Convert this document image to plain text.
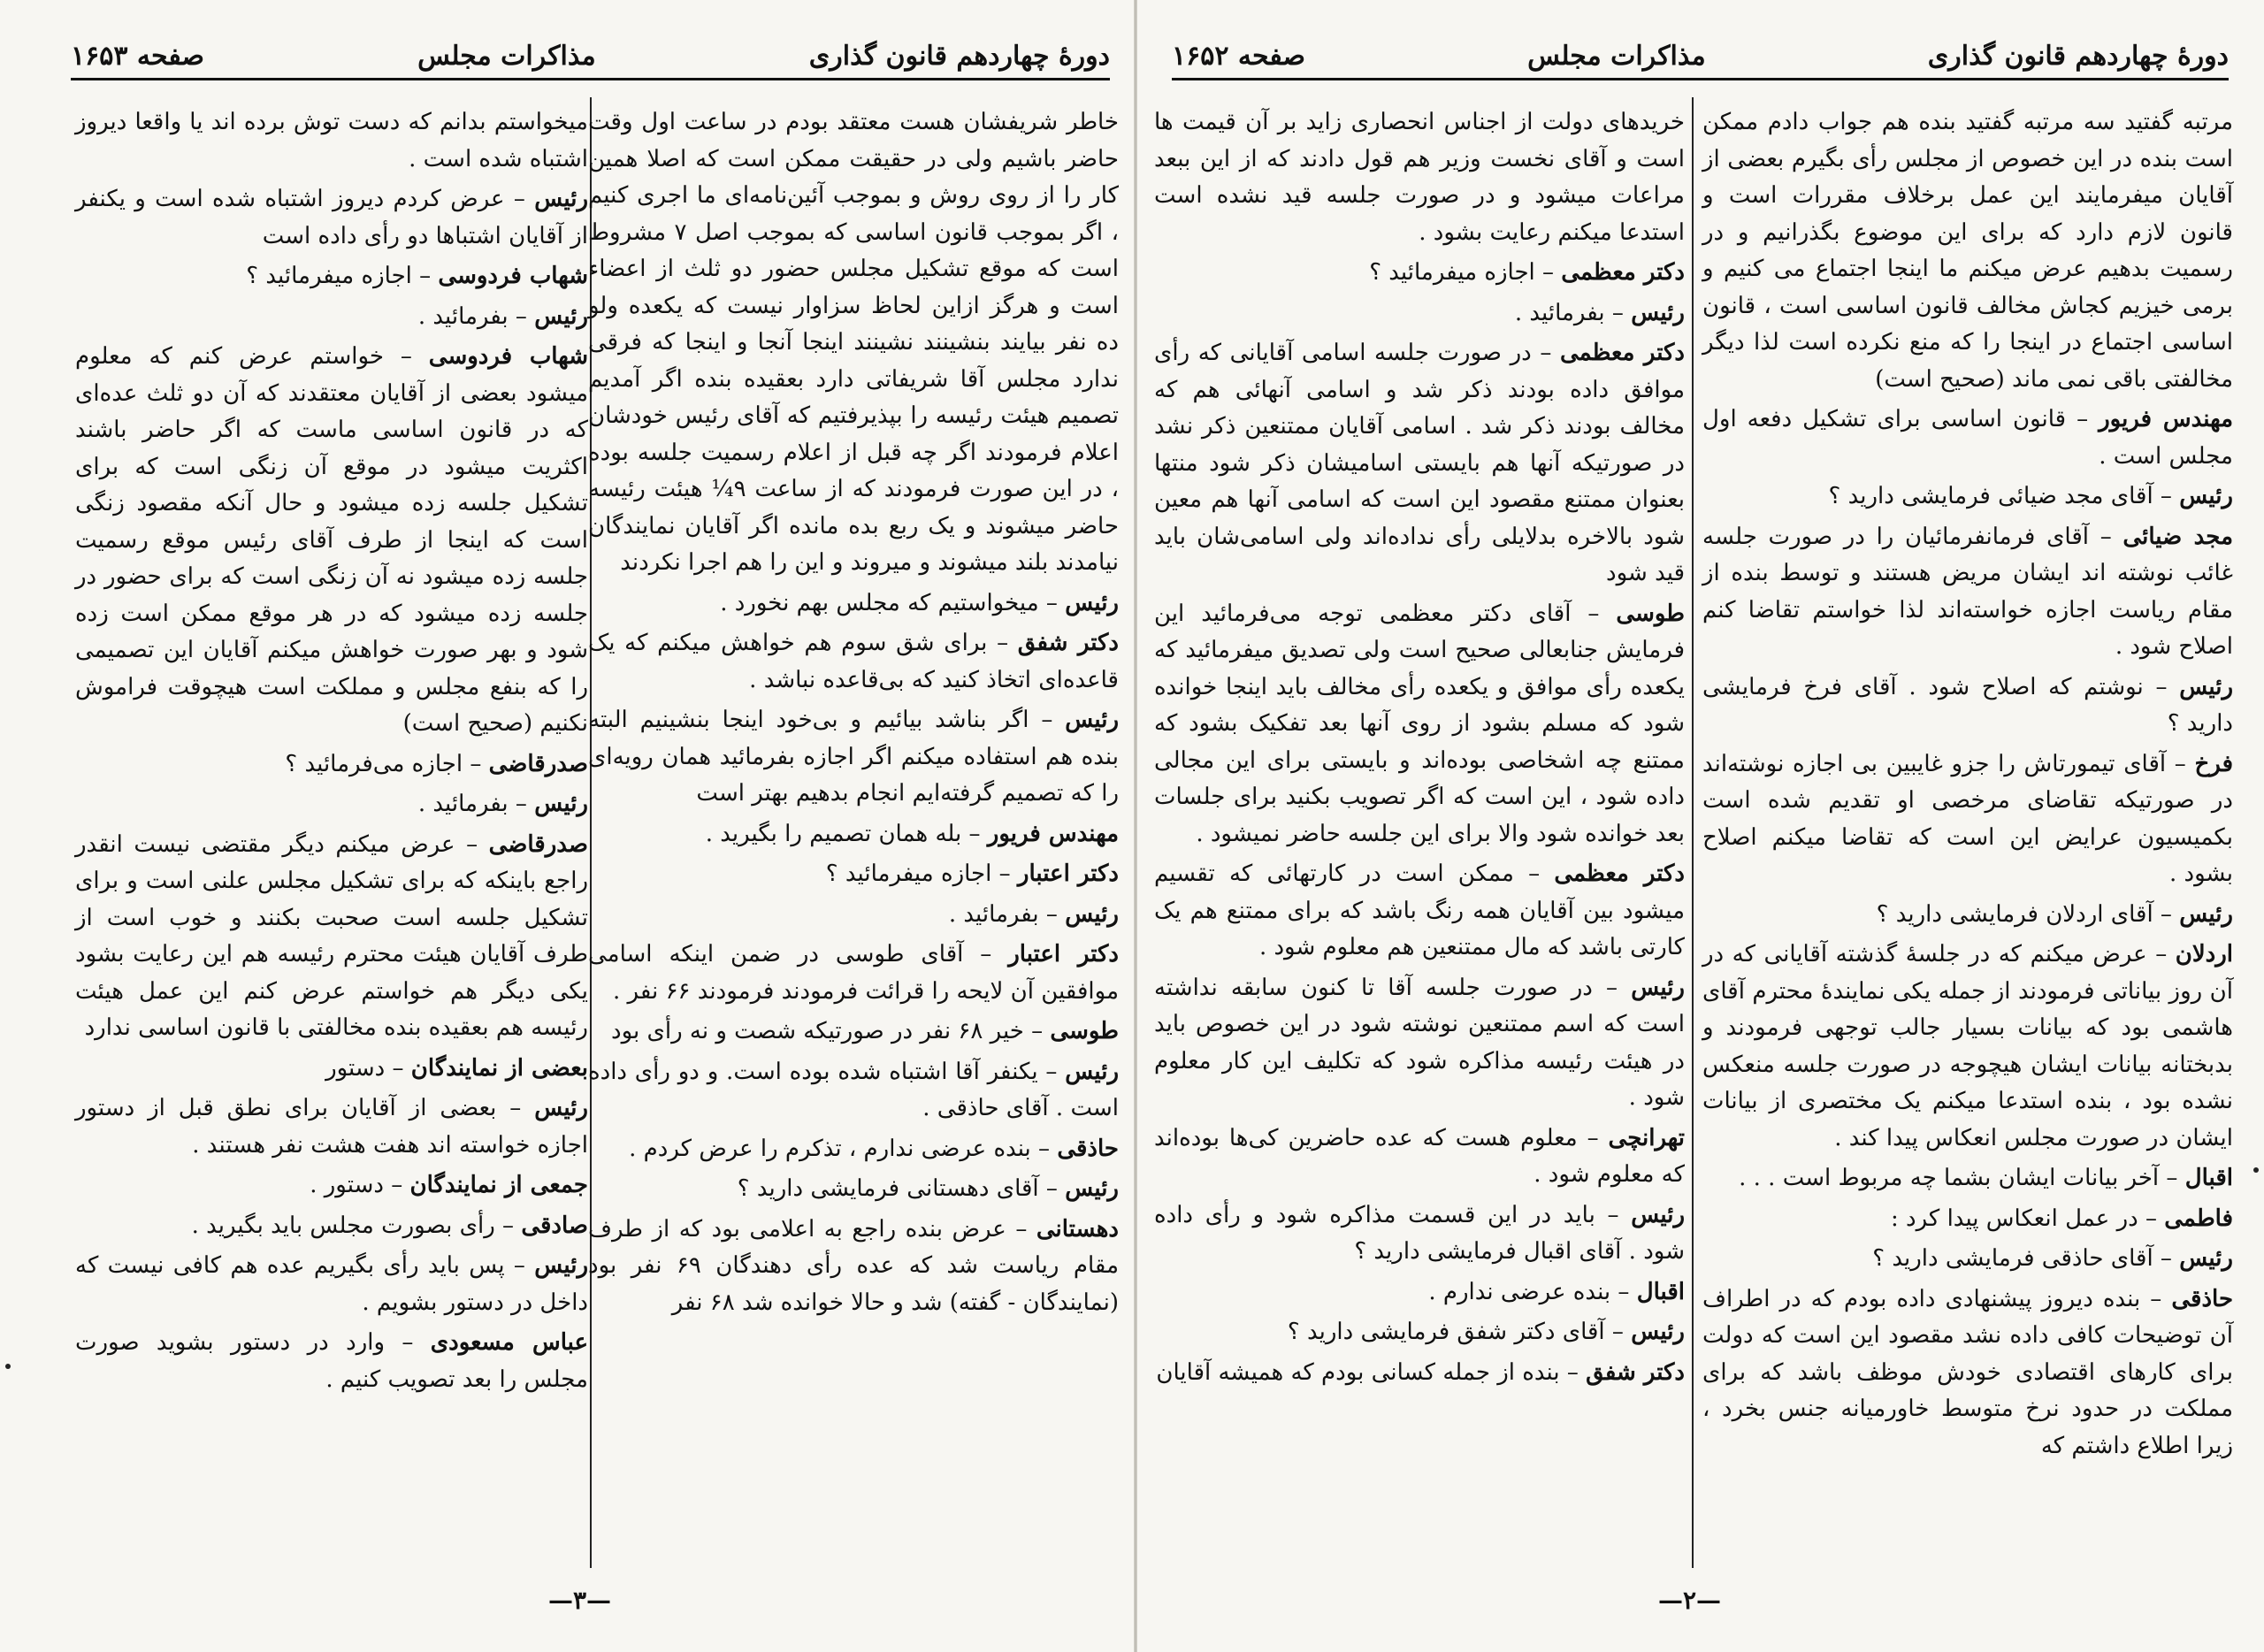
دورهٔ چهاردهم قانون گذاری
مذاکرات مجلس
صفحه ۱۶۵۳

خاطر شریفشان هست معتقد بودم در ساعت اول وقت حاضر باشیم ولی در حقیقت ممکن است که اصلا همین کار را از روی روش و بموجب آئین‌نامه‌ای ما اجری کنیم ، اگر بموجب قانون اساسی که بموجب اصل ۷ مشروط است که موقع تشکیل مجلس حضور دو ثلث از اعضاء است و هرگز ازاین لحاظ سزاوار نیست که یکعده ولو ده نفر بیایند بنشینند نشینند اینجا آنجا و اینجا که فرقی ندارد مجلس آقا شریفاتی دارد بعقیده بنده اگر آمدیم تصمیم هیئت رئیسه را بپذیرفتیم که آقای رئیس خودشان اعلام فرمودند اگر چه قبل از اعلام رسمیت جلسه بوده ، در این صورت فرمودند که از ساعت ۹¼ هیئت رئیسه حاضر میشوند و یک ربع بده مانده اگر آقایان نمایندگان نیامدند بلند میشوند و میروند و این را هم اجرا نکردند

رئیس – میخواستیم که مجلس بهم نخورد .

دکتر شفق – برای شق سوم هم خواهش میکنم که یک قاعده‌ای اتخاذ کنید که بی‌قاعده نباشد .

رئیس – اگر بناشد بیائیم و بی‌خود اینجا بنشینیم البته بنده هم استفاده میکنم اگر اجازه بفرمائید همان رویه‌ای را که تصمیم گرفته‌ایم انجام بدهیم بهتر است

مهندس فریور – بله همان تصمیم را بگیرید .

دکتر اعتبار – اجازه میفرمائید ؟

رئیس – بفرمائید .

دکتر اعتبار – آقای طوسی در ضمن اینکه اسامی موافقین آن لایحه را قرائت فرمودند فرمودند ۶۶ نفر .

طوسی – خیر ۶۸ نفر در صورتیکه شصت و نه رأی بود

رئیس – یکنفر آقا اشتباه شده بوده است. و دو رأی داده است . آقای حاذقی .

حاذقی – بنده عرضی ندارم ، تذکرم را عرض کردم .

رئیس – آقای دهستانی فرمایشی دارید ؟

دهستانی – عرض بنده راجع به اعلامی بود که از طرف مقام ریاست شد که عده رأی دهندگان ۶۹ نفر بود (نمایندگان - گفته) شد و حالا خوانده شد ۶۸ نفر

میخواستم بدانم که دست توش برده اند یا واقعا دیروز اشتباه شده است .

رئیس – عرض کردم دیروز اشتباه شده است و یکنفر از آقایان اشتباها دو رأی داده است

شهاب فردوسی – اجازه میفرمائید ؟

رئیس – بفرمائید .

شهاب فردوسی – خواستم عرض کنم که معلوم میشود بعضی از آقایان معتقدند که آن دو ثلث عده‌ای که در قانون اساسی ماست که اگر حاضر باشند اکثریت میشود در موقع آن زنگی است که برای تشکیل جلسه زده میشود و حال آنکه مقصود زنگی است که اینجا از طرف آقای رئیس موقع رسمیت جلسه زده میشود نه آن زنگی است که برای حضور در جلسه زده میشود که در هر موقع ممکن است زده شود و بهر صورت خواهش میکنم آقایان این تصمیمی را که بنفع مجلس و مملکت است هیچوقت فراموش نکنیم (صحیح است)

صدرقاضی – اجازه می‌فرمائید ؟

رئیس – بفرمائید .

صدرقاضی – عرض میکنم دیگر مقتضی نیست انقدر راجع باینکه که برای تشکیل مجلس علنی است و برای تشکیل جلسه است صحبت بکنند و خوب است از طرف آقایان هیئت محترم رئیسه هم این رعایت بشود یکی دیگر هم خواستم عرض کنم این عمل هیئت رئیسه هم بعقیده بنده مخالفتی با قانون اساسی ندارد

بعضی از نمایندگان – دستور

رئیس – بعضی از آقایان برای نطق قبل از دستور اجازه خواسته اند هفت هشت نفر هستند .

جمعی از نمایندگان – دستور .

صادقی – رأی بصورت مجلس باید بگیرید .

رئیس – پس باید رأی بگیریم عده هم کافی نیست که داخل در دستور بشویم .

عباس مسعودی – وارد در دستور بشوید صورت مجلس را بعد تصویب کنیم .

—۳—
دورهٔ چهاردهم قانون گذاری
مذاکرات مجلس
صفحه ۱۶۵۲

مرتبه گفتید سه مرتبه گفتید بنده هم جواب دادم ممکن است بنده در این خصوص از مجلس رأی بگیرم بعضی از آقایان میفرمایند این عمل برخلاف مقررات است و قانون لازم دارد که برای این موضوع بگذرانیم و در رسمیت بدهیم عرض میکنم ما اینجا اجتماع می کنیم و برمی خیزیم کجاش مخالف قانون اساسی است ، قانون اساسی اجتماع در اینجا را که منع نکرده است لذا دیگر مخالفتی باقی نمی ماند (صحیح است)

مهندس فریور – قانون اساسی برای تشکیل دفعه اول مجلس است .

رئیس – آقای مجد ضیائی فرمایشی دارید ؟

مجد ضیائی – آقای فرمانفرمائیان را در صورت جلسه غائب نوشته اند ایشان مریض هستند و توسط بنده از مقام ریاست اجازه خواسته‌اند لذا خواستم تقاضا کنم اصلاح شود .

رئیس – نوشتم که اصلاح شود . آقای فرخ فرمایشی دارید ؟

فرخ – آقای تیمورتاش را جزو غایبین بی اجازه نوشته‌اند در صورتیکه تقاضای مرخصی او تقدیم شده است بکمیسیون عرایض این است که تقاضا میکنم اصلاح بشود .

رئیس – آقای اردلان فرمایشی دارید ؟

اردلان – عرض میکنم که در جلسهٔ گذشته آقایانی که در آن روز بیاناتی فرمودند از جمله یکی نمایندهٔ محترم آقای هاشمی بود که بیانات بسیار جالب توجهی فرمودند و بدبختانه بیانات ایشان هیچوجه در صورت جلسه منعکس نشده بود ، بنده استدعا میکنم یک مختصری از بیانات ایشان در صورت مجلس انعکاس پیدا کند .

اقبال – آخر بیانات ایشان بشما چه مربوط است . . .

فاطمی – در عمل انعکاس پیدا کرد :

رئیس – آقای حاذقی فرمایشی دارید ؟

حاذقی – بنده دیروز پیشنهادی داده بودم که در اطراف آن توضیحات کافی داده نشد مقصود این است که دولت برای کارهای اقتصادی خودش موظف باشد که برای مملکت در حدود نرخ متوسط خاورمیانه جنس بخرد ، زیرا اطلاع داشتم که

خریدهای دولت از اجناس انحصاری زاید بر آن قیمت ها است و آقای نخست وزیر هم قول دادند که از این ببعد مراعات میشود و در صورت جلسه قید نشده است استدعا میکنم رعایت بشود .

دکتر معظمی – اجازه میفرمائید ؟

رئیس – بفرمائید .

دکتر معظمی – در صورت جلسه اسامی آقایانی که رأی موافق داده بودند ذکر شد و اسامی آنهائی هم که مخالف بودند ذکر شد . اسامی آقایان ممتنعین ذکر نشد در صورتیکه آنها هم بایستی اسامیشان ذکر شود منتها بعنوان ممتنع مقصود این است که اسامی آنها هم معین شود بالاخره بدلایلی رأی نداده‌اند ولی اسامی‌شان باید قید شود

طوسی – آقای دکتر معظمی توجه می‌فرمائید این فرمایش جنابعالی صحیح است ولی تصدیق میفرمائید که یکعده رأی موافق و یکعده رأی مخالف باید اینجا خوانده شود که مسلم بشود از روی آنها بعد تفکیک بشود که ممتنع چه اشخاصی بوده‌اند و بایستی برای این مجالی داده شود ، این است که اگر تصویب بکنید برای جلسات بعد خوانده شود والا برای این جلسه حاضر نمیشود .

دکتر معظمی – ممکن است در کارتهائی که تقسیم میشود بین آقایان همه رنگ باشد که برای ممتنع هم یک کارتی باشد که مال ممتنعین هم معلوم شود .

رئیس – در صورت جلسه آقا تا کنون سابقه نداشته است که اسم ممتنعین نوشته شود در این خصوص باید در هیئت رئیسه مذاکره شود که تکلیف این کار معلوم شود .

تهرانچی – معلوم هست که عده حاضرین کی‌ها بوده‌اند که معلوم شود .

رئیس – باید در این قسمت مذاکره شود و رأی داده شود . آقای اقبال فرمایشی دارید ؟

اقبال – بنده عرضی ندارم .

رئیس – آقای دکتر شفق فرمایشی دارید ؟

دکتر شفق – بنده از جمله کسانی بودم که همیشه آقایان

—۲—
